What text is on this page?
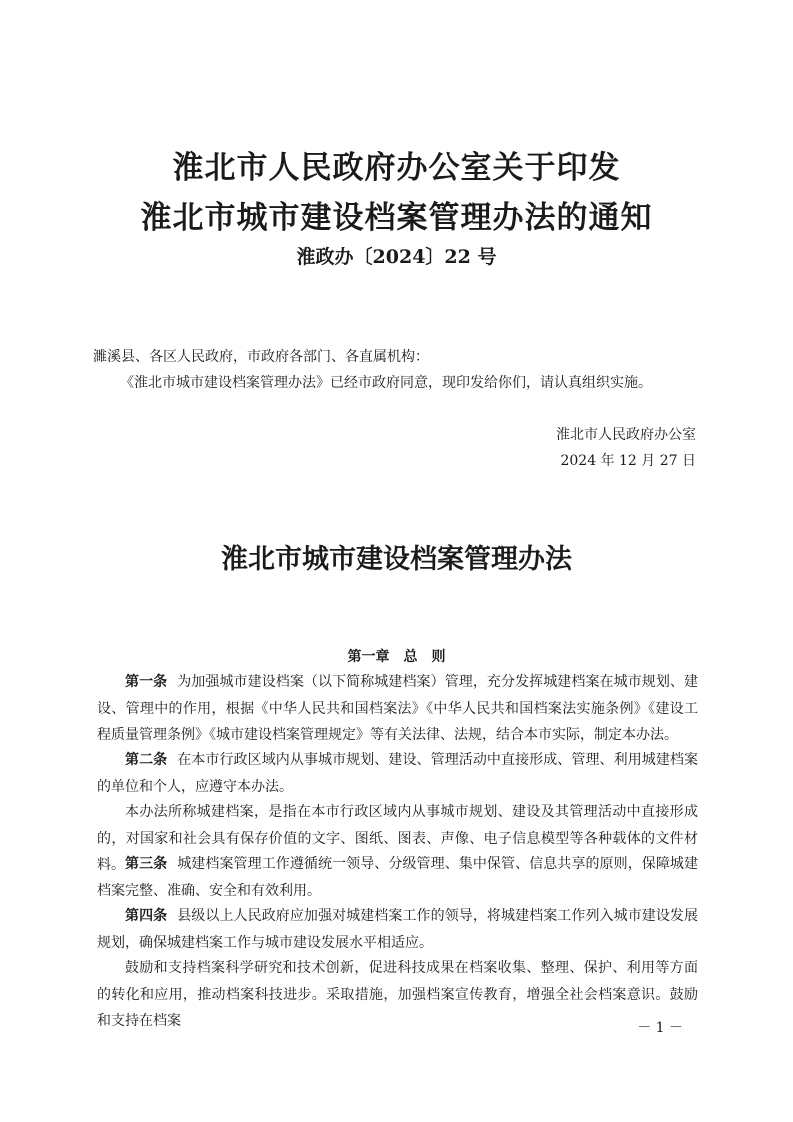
淮北市人民政府办公室关于印发
淮北市城市建设档案管理办法的通知
淮政办〔2024〕22 号
濉溪县、各区人民政府，市政府各部门、各直属机构：
《淮北市城市建设档案管理办法》已经市政府同意，现印发给你们，请认真组织实施。
淮北市人民政府办公室
2024 年 12 月 27 日
淮北市城市建设档案管理办法
第一章　总　则
第一条 为加强城市建设档案（以下简称城建档案）管理，充分发挥城建档案在城市规划、建设、管理中的作用，根据《中华人民共和国档案法》《中华人民共和国档案法实施条例》《建设工程质量管理条例》《城市建设档案管理规定》等有关法律、法规，结合本市实际，制定本办法。
第二条 在本市行政区域内从事城市规划、建设、管理活动中直接形成、管理、利用城建档案的单位和个人，应遵守本办法。
本办法所称城建档案，是指在本市行政区域内从事城市规划、建设及其管理活动中直接形成的，对国家和社会具有保存价值的文字、图纸、图表、声像、电子信息模型等各种载体的文件材料。 第三条 城建档案管理工作遵循统一领导、分级管理、集中保管、信息共享的原则，保障城建档案完整、准确、安全和有效利用。
第四条 县级以上人民政府应加强对城建档案工作的领导，将城建档案工作列入城市建设发展规划，确保城建档案工作与城市建设发展水平相适应。
鼓励和支持档案科学研究和技术创新，促进科技成果在档案收集、整理、保护、利用等方面的转化和应用，推动档案科技进步。采取措施，加强档案宣传教育，增强全社会档案意识。鼓励和支持在档案	－ 1 －
